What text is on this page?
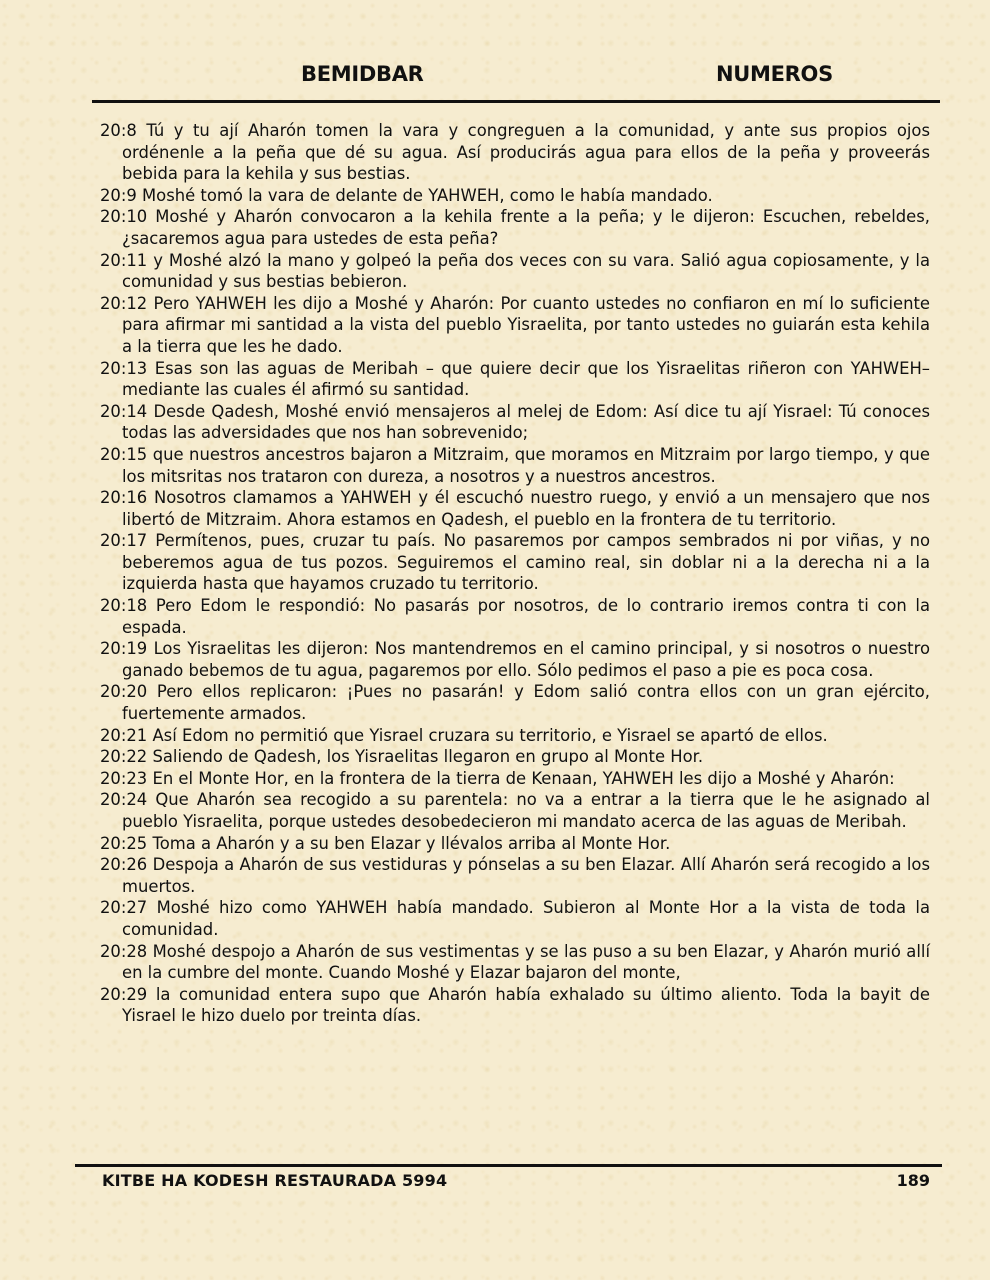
BEMIDBAR	NUMEROS
20:8 Tú y tu ají Aharón tomen la vara y congreguen a la comunidad, y ante sus propios ojos ordénenle a la peña que dé su agua. Así producirás agua para ellos de la peña y proveerás bebida para la kehila y sus bestias.
20:9 Moshé tomó la vara de delante de YAHWEH, como le había mandado.
20:10 Moshé y Aharón convocaron a la kehila frente a la peña; y le dijeron: Escuchen, rebeldes, ¿sacaremos agua para ustedes de esta peña?
20:11 y Moshé alzó la mano y golpeó la peña dos veces con su vara. Salió agua copiosamente, y la comunidad y sus bestias bebieron.
20:12 Pero YAHWEH les dijo a Moshé y Aharón: Por cuanto ustedes no confiaron en mí lo suficiente para afirmar mi santidad a la vista del pueblo Yisraelita, por tanto ustedes no guiarán esta kehila a la tierra que les he dado.
20:13 Esas son las aguas de Meribah – que quiere decir que los Yisraelitas riñeron con YAHWEH– mediante las cuales él afirmó su santidad.
20:14 Desde Qadesh, Moshé envió mensajeros al melej de Edom: Así dice tu ají Yisrael: Tú conoces todas las adversidades que nos han sobrevenido;
20:15 que nuestros ancestros bajaron a Mitzraim, que moramos en Mitzraim por largo tiempo, y que los mitsritas nos trataron con dureza, a nosotros y a nuestros ancestros.
20:16 Nosotros clamamos a YAHWEH y él escuchó nuestro ruego, y envió a un mensajero que nos libertó de Mitzraim. Ahora estamos en Qadesh, el pueblo en la frontera de tu territorio.
20:17 Permítenos, pues, cruzar tu país. No pasaremos por campos sembrados ni por viñas, y no beberemos agua de tus pozos. Seguiremos el camino real, sin doblar ni a la derecha ni a la izquierda hasta que hayamos cruzado tu territorio.
20:18 Pero Edom le respondió: No pasarás por nosotros, de lo contrario iremos contra ti con la espada.
20:19 Los Yisraelitas les dijeron: Nos mantendremos en el camino principal, y si nosotros o nuestro ganado bebemos de tu agua, pagaremos por ello. Sólo pedimos el paso a pie es poca cosa.
20:20 Pero ellos replicaron: ¡Pues no pasarán! y Edom salió contra ellos con un gran ejército, fuertemente armados.
20:21 Así Edom no permitió que Yisrael cruzara su territorio, e Yisrael se apartó de ellos.
20:22 Saliendo de Qadesh, los Yisraelitas llegaron en grupo al Monte Hor.
20:23 En el Monte Hor, en la frontera de la tierra de Kenaan, YAHWEH les dijo a Moshé y Aharón:
20:24 Que Aharón sea recogido a su parentela: no va a entrar a la tierra que le he asignado al pueblo Yisraelita, porque ustedes desobedecieron mi mandato acerca de las aguas de Meribah.
20:25 Toma a Aharón y a su ben Elazar y llévalos arriba al Monte Hor.
20:26 Despoja a Aharón de sus vestiduras y pónselas a su ben Elazar. Allí Aharón será recogido a los muertos.
20:27 Moshé hizo como YAHWEH había mandado. Subieron al Monte Hor a la vista de toda la comunidad.
20:28 Moshé despojo a Aharón de sus vestimentas y se las puso a su ben Elazar, y Aharón murió allí en la cumbre del monte. Cuando Moshé y Elazar bajaron del monte,
20:29 la comunidad entera supo que Aharón había exhalado su último aliento. Toda la bayit de Yisrael le hizo duelo por treinta días.
KITBE HA KODESH RESTAURADA 5994	189
